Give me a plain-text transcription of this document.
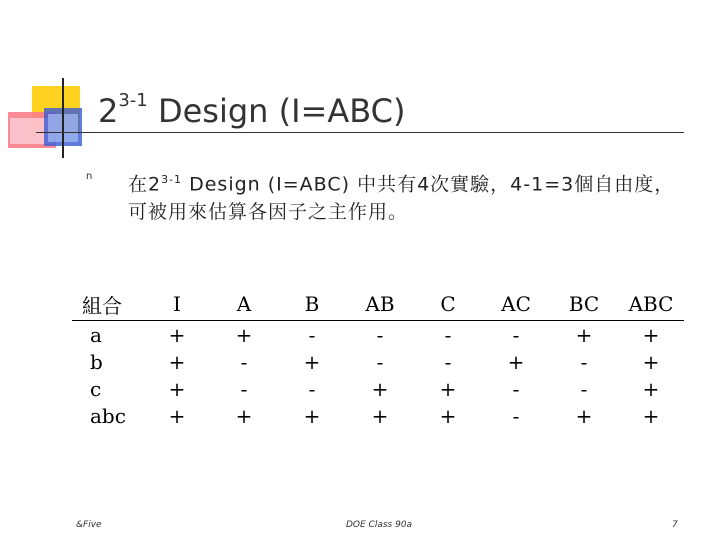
2$^{3-1}$ Design (I=ABC)
n 在2$^{3-1}$ Design (I=ABC) 中共有4次實驗，4-1=3個自由度，可被用來估算各因子之主作用。
組合	I	A	B	AB	C	AC	BC	ABC
a	+	+	-	-	-	-	+	+
b	+	-	+	-	-	+	-	+
c	+	-	-	+	+	-	-	+
abc	+	+	+	+	+	-	+	+
&Five	DOE Class 90a	7
